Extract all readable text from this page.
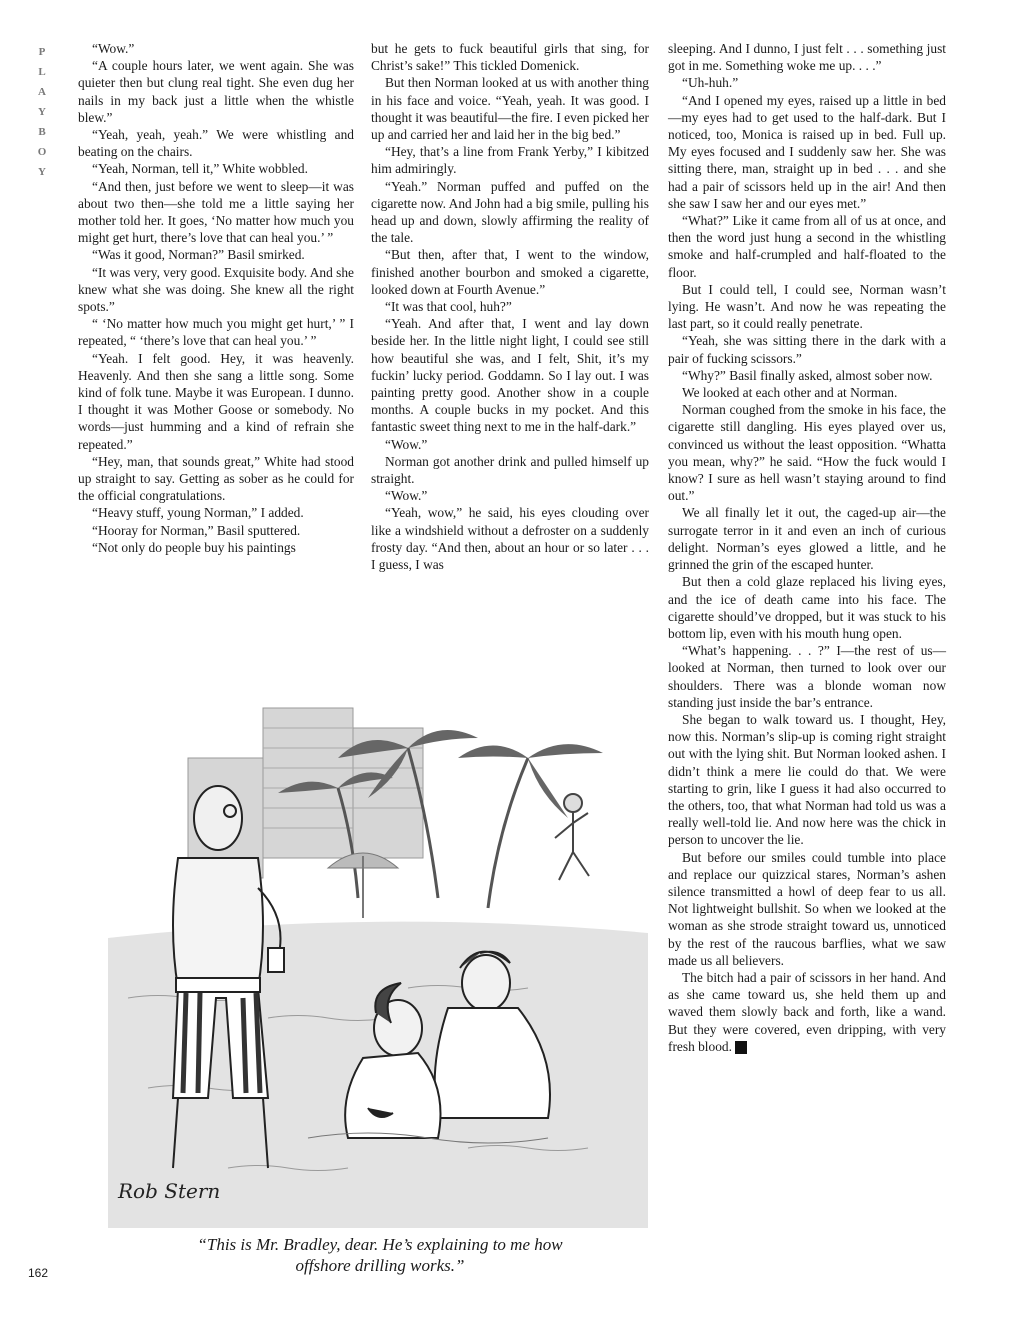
P
L
A
Y
B
O
Y

“Wow.”

“A couple hours later, we went again. She was quieter then but clung real tight. She even dug her nails in my back just a little when the whistle blew.”

“Yeah, yeah, yeah.” We were whistling and beating on the chairs.

“Yeah, Norman, tell it,” White wobbled.

“And then, just before we went to sleep—it was about two then—she told me a little saying her mother told her. It goes, ‘No matter how much you might get hurt, there’s love that can heal you.’ ”

“Was it good, Norman?” Basil smirked.

“It was very, very good. Exquisite body. And she knew what she was doing. She knew all the right spots.”

“ ‘No matter how much you might get hurt,’ ” I repeated, “ ‘there’s love that can heal you.’ ”

“Yeah. I felt good. Hey, it was heavenly. Heavenly. And then she sang a little song. Some kind of folk tune. Maybe it was European. I dunno. I thought it was Mother Goose or somebody. No words—just humming and a kind of refrain she repeated.”

“Hey, man, that sounds great,” White had stood up straight to say. Getting as sober as he could for the official congratulations.

“Heavy stuff, young Norman,” I added.

“Hooray for Norman,” Basil sputtered.

“Not only do people buy his paintings

but he gets to fuck beautiful girls that sing, for Christ’s sake!” This tickled Domenick.

But then Norman looked at us with another thing in his face and voice. “Yeah, yeah. It was good. I thought it was beautiful—the fire. I even picked her up and carried her and laid her in the big bed.”

“Hey, that’s a line from Frank Yerby,” I kibitzed him admiringly.

“Yeah.” Norman puffed and puffed on the cigarette now. And John had a big smile, pulling his head up and down, slowly affirming the reality of the tale.

“But then, after that, I went to the window, finished another bourbon and smoked a cigarette, looked down at Fourth Avenue.”

“It was that cool, huh?”

“Yeah. And after that, I went and lay down beside her. In the little night light, I could see still how beautiful she was, and I felt, Shit, it’s my fuckin’ lucky period. Goddamn. So I lay out. I was painting pretty good. Another show in a couple months. A couple bucks in my pocket. And this fantastic sweet thing next to me in the half-dark.”

“Wow.”

Norman got another drink and pulled himself up straight.

“Wow.”

“Yeah, wow,” he said, his eyes clouding over like a windshield without a defroster on a suddenly frosty day. “And then, about an hour or so later . . . I guess, I was

sleeping. And I dunno, I just felt . . . something just got in me. Something woke me up. . . .”

“Uh-huh.”

“And I opened my eyes, raised up a little in bed—my eyes had to get used to the half-dark. But I noticed, too, Monica is raised up in bed. Full up. My eyes focused and I suddenly saw her. She was sitting there, man, straight up in bed . . . and she had a pair of scissors held up in the air! And then she saw I saw her and our eyes met.”

“What?” Like it came from all of us at once, and then the word just hung a second in the whistling smoke and half-crumpled and half-floated to the floor.

But I could tell, I could see, Norman wasn’t lying. He wasn’t. And now he was repeating the last part, so it could really penetrate.

“Yeah, she was sitting there in the dark with a pair of fucking scissors.”

“Why?” Basil finally asked, almost sober now.

We looked at each other and at Norman.

Norman coughed from the smoke in his face, the cigarette still dangling. His eyes played over us, convinced us without the least opposition. “Whatta you mean, why?” he said. “How the fuck would I know? I sure as hell wasn’t staying around to find out.”

We all finally let it out, the caged-up air—the surrogate terror in it and even an inch of curious delight. Norman’s eyes glowed a little, and he grinned the grin of the escaped hunter.

But then a cold glaze replaced his living eyes, and the ice of death came into his face. The cigarette should’ve dropped, but it was stuck to his bottom lip, even with his mouth hung open.

“What’s happening. . . ?” I—the rest of us—looked at Norman, then turned to look over our shoulders. There was a blonde woman now standing just inside the bar’s entrance.

She began to walk toward us. I thought, Hey, now this. Norman’s slip-up is coming right straight out with the lying shit. But Norman looked ashen. I didn’t think a mere lie could do that. We were starting to grin, like I guess it had also occurred to the others, too, that what Norman had told us was a really well-told lie. And now here was the chick in person to uncover the lie.

But before our smiles could tumble into place and replace our quizzical stares, Norman’s ashen silence transmitted a howl of deep fear to us all. Not lightweight bullshit. So when we looked at the woman as she strode straight toward us, unnoticed by the rest of the raucous barflies, what we saw made us all believers.

The bitch had a pair of scissors in her hand. And as she came toward us, she held them up and waved them slowly back and forth, like a wand. But they were covered, even dripping, with very fresh blood. B

Rob Stern
“This is Mr. Bradley, dear. He’s explaining to me how
offshore drilling works.”
162
